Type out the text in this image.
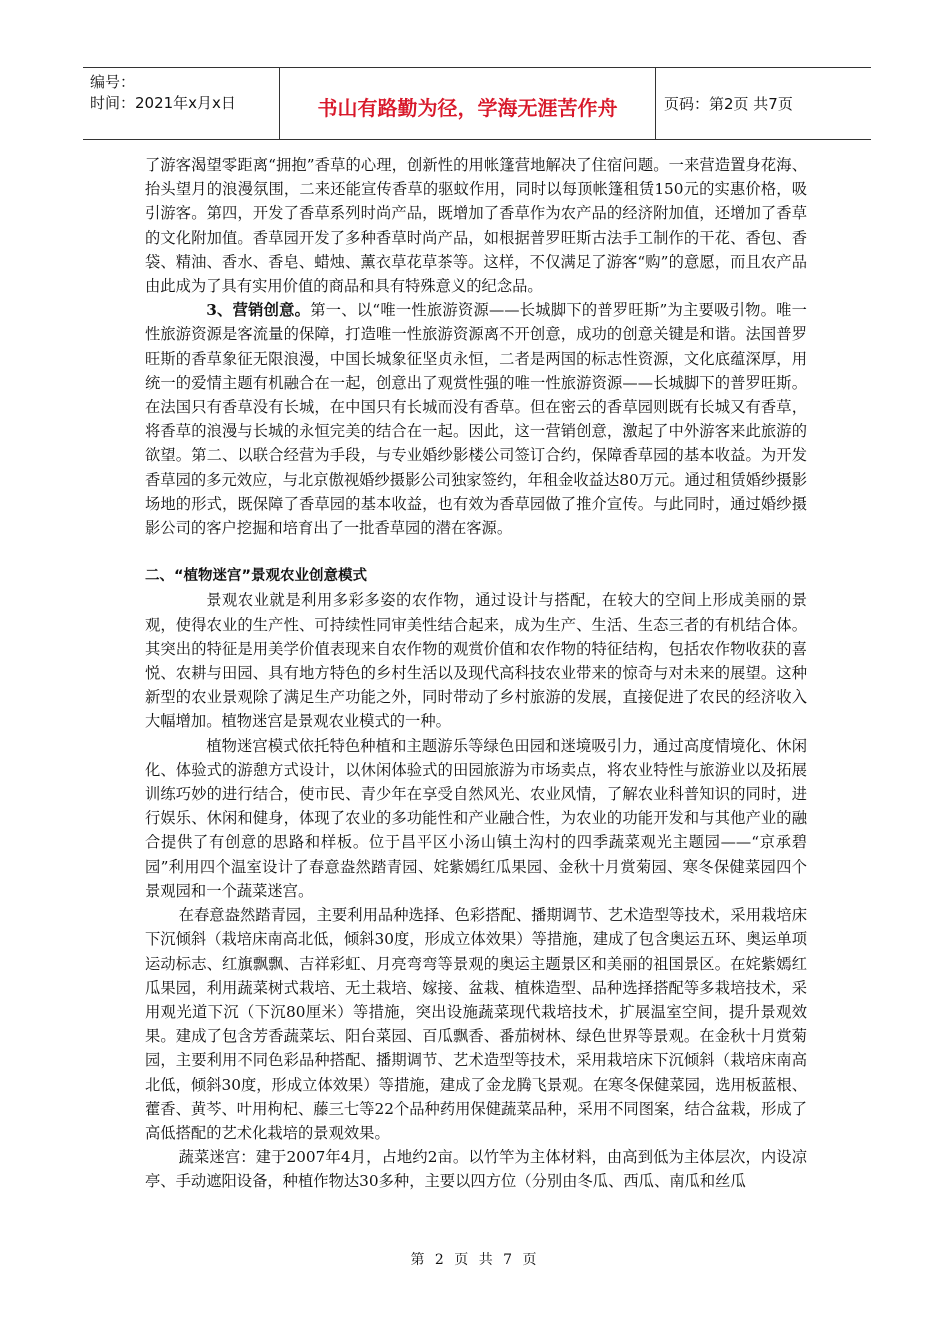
编号：
时间：2021年x月x日	书山有路勤为径，学海无涯苦作舟	页码：第2页 共7页

了游客渴望零距离“拥抱”香草的心理，创新性的用帐篷营地解决了住宿问题。一来营造置身花海、抬头望月的浪漫氛围，二来还能宣传香草的驱蚊作用，同时以每顶帐篷租赁150元的实惠价格，吸引游客。第四，开发了香草系列时尚产品，既增加了香草作为农产品的经济附加值，还增加了香草的文化附加值。香草园开发了多种香草时尚产品，如根据普罗旺斯古法手工制作的干花、香包、香袋、精油、香水、香皂、蜡烛、薰衣草花草茶等。这样，不仅满足了游客“购”的意愿，而且农产品由此成为了具有实用价值的商品和具有特殊意义的纪念品。

3、营销创意。第一、以“唯一性旅游资源——长城脚下的普罗旺斯”为主要吸引物。唯一性旅游资源是客流量的保障，打造唯一性旅游资源离不开创意，成功的创意关键是和谐。法国普罗旺斯的香草象征无限浪漫，中国长城象征坚贞永恒，二者是两国的标志性资源，文化底蕴深厚，用统一的爱情主题有机融合在一起，创意出了观赏性强的唯一性旅游资源——长城脚下的普罗旺斯。在法国只有香草没有长城，在中国只有长城而没有香草。但在密云的香草园则既有长城又有香草，将香草的浪漫与长城的永恒完美的结合在一起。因此，这一营销创意，激起了中外游客来此旅游的欲望。第二、以联合经营为手段，与专业婚纱影楼公司签订合约，保障香草园的基本收益。为开发香草园的多元效应，与北京傲视婚纱摄影公司独家签约，年租金收益达80万元。通过租赁婚纱摄影场地的形式，既保障了香草园的基本收益，也有效为香草园做了推介宣传。与此同时，通过婚纱摄影公司的客户挖掘和培育出了一批香草园的潜在客源。

二、“植物迷宫”景观农业创意模式

景观农业就是利用多彩多姿的农作物，通过设计与搭配，在较大的空间上形成美丽的景观，使得农业的生产性、可持续性同审美性结合起来，成为生产、生活、生态三者的有机结合体。其突出的特征是用美学价值表现来自农作物的观赏价值和农作物的特征结构，包括农作物收获的喜悦、农耕与田园、具有地方特色的乡村生活以及现代高科技农业带来的惊奇与对未来的展望。这种新型的农业景观除了满足生产功能之外，同时带动了乡村旅游的发展，直接促进了农民的经济收入大幅增加。植物迷宫是景观农业模式的一种。

植物迷宫模式依托特色种植和主题游乐等绿色田园和迷境吸引力，通过高度情境化、休闲化、体验式的游憩方式设计，以休闲体验式的田园旅游为市场卖点，将农业特性与旅游业以及拓展训练巧妙的进行结合，使市民、青少年在享受自然风光、农业风情，了解农业科普知识的同时，进行娱乐、休闲和健身，体现了农业的多功能性和产业融合性，为农业的功能开发和与其他产业的融合提供了有创意的思路和样板。位于昌平区小汤山镇土沟村的四季蔬菜观光主题园——“京承碧园”利用四个温室设计了春意盎然踏青园、姹紫嫣红瓜果园、金秋十月赏菊园、寒冬保健菜园四个景观园和一个蔬菜迷宫。

在春意盎然踏青园，主要利用品种选择、色彩搭配、播期调节、艺术造型等技术，采用栽培床下沉倾斜（栽培床南高北低，倾斜30度，形成立体效果）等措施，建成了包含奥运五环、奥运单项运动标志、红旗飘飘、吉祥彩虹、月亮弯弯等景观的奥运主题景区和美丽的祖国景区。在姹紫嫣红瓜果园，利用蔬菜树式栽培、无土栽培、嫁接、盆栽、植株造型、品种选择搭配等多栽培技术，采用观光道下沉（下沉80厘米）等措施，突出设施蔬菜现代栽培技术，扩展温室空间，提升景观效果。建成了包含芳香蔬菜坛、阳台菜园、百瓜飘香、番茄树林、绿色世界等景观。在金秋十月赏菊园，主要利用不同色彩品种搭配、播期调节、艺术造型等技术，采用栽培床下沉倾斜（栽培床南高北低，倾斜30度，形成立体效果）等措施，建成了金龙腾飞景观。在寒冬保健菜园，选用板蓝根、藿香、黄芩、叶用枸杞、藤三七等22个品种药用保健蔬菜品种，采用不同图案，结合盆栽，形成了高低搭配的艺术化栽培的景观效果。

蔬菜迷宫：建于2007年4月，占地约2亩。以竹竿为主体材料，由高到低为主体层次，内设凉亭、手动遮阳设备，种植作物达30多种，主要以四方位（分别由冬瓜、西瓜、南瓜和丝瓜

第 2 页 共 7 页
